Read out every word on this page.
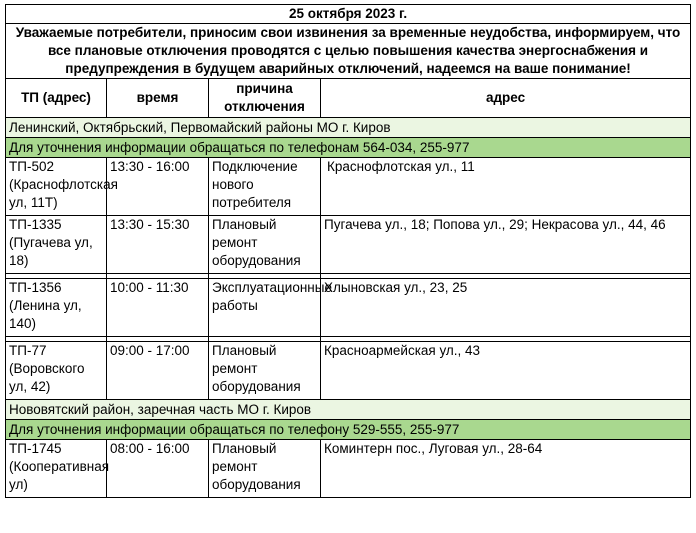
25 октября 2023 г.			
Уважаемые потребители, приносим свои извинения за временные неудобства, информируем, что все плановые отключения проводятся с целью повышения качества энергоснабжения и предупреждения в будущем аварийных отключений, надеемся на ваше понимание!			
ТП (адрес)	время	причина отключения	адрес
Ленинский, Октябрьский, Первомайский районы МО г. Киров			
Для уточнения информации обращаться по телефонам 564-034, 255-977			
ТП-502 (Краснофлотская ул, 11Т)	13:30 - 16:00	Подключение нового потребителя	Краснофлотская ул., 11
ТП-1335 (Пугачева ул, 18)	13:30 - 15:30	Плановый ремонт оборудования	Пугачева ул., 18; Попова ул., 29; Некрасова ул., 44, 46

ТП-1356 (Ленина ул, 140)	10:00 - 11:30	Эксплуатационные работы	Хлыновская ул., 23, 25

ТП-77 (Воровского ул, 42)	09:00 - 17:00	Плановый ремонт оборудования	Красноармейская ул., 43
Нововятский район, заречная часть МО г. Киров			
Для уточнения информации обращаться по телефону 529-555, 255-977			
ТП-1745 (Кооперативная ул)	08:00 - 16:00	Плановый ремонт оборудования	Коминтерн пос., Луговая ул., 28-64
